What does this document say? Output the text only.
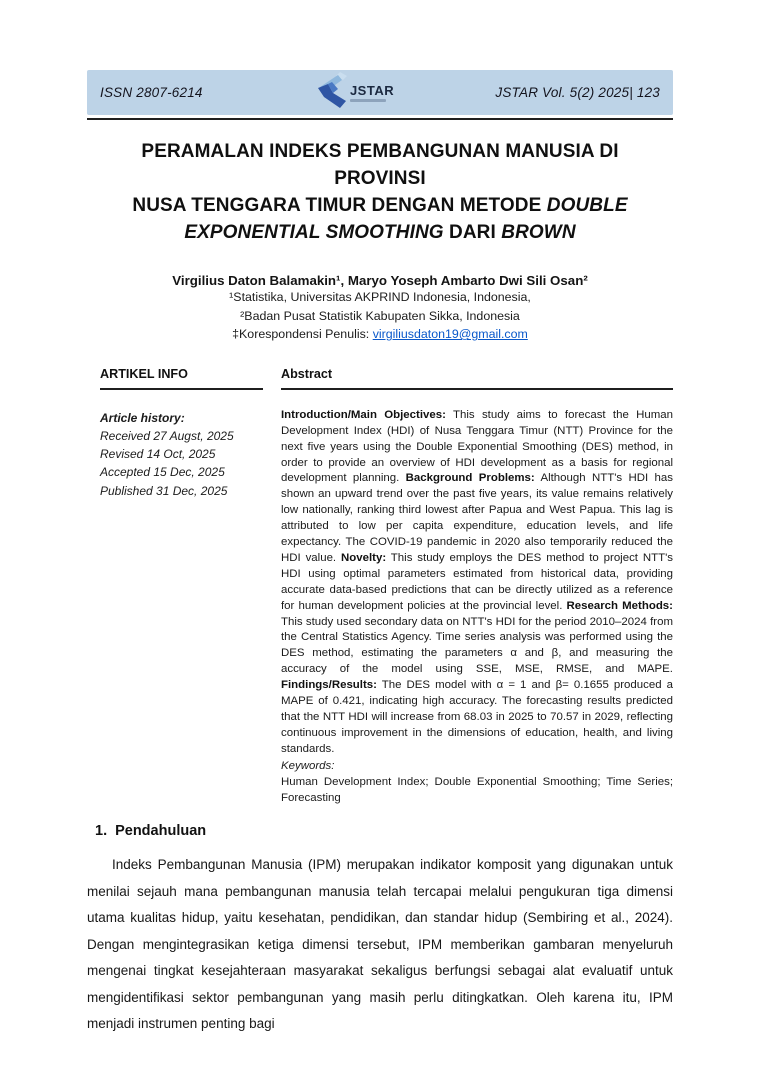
ISSN 2807-6214	JSTAR	JSTAR Vol. 5(2) 2025| 123
PERAMALAN INDEKS PEMBANGUNAN MANUSIA DI PROVINSI
NUSA TENGGARA TIMUR DENGAN METODE DOUBLE
EXPONENTIAL SMOOTHING DARI BROWN
Virgilius Daton Balamakin¹, Maryo Yoseph Ambarto Dwi Sili Osan²
¹Statistika, Universitas AKPRIND Indonesia, Indonesia,
²Badan Pusat Statistik Kabupaten Sikka, Indonesia
‡Korespondensi Penulis: virgiliusdaton19@gmail.com
ARTIKEL INFO
Article history:
Received 27 Augst, 2025
Revised 14 Oct, 2025
Accepted 15 Dec, 2025
Published 31 Dec, 2025
Abstract

Introduction/Main Objectives: This study aims to forecast the Human Development Index (HDI) of Nusa Tenggara Timur (NTT) Province for the next five years using the Double Exponential Smoothing (DES) method, in order to provide an overview of HDI development as a basis for regional development planning. Background Problems: Although NTT's HDI has shown an upward trend over the past five years, its value remains relatively low nationally, ranking third lowest after Papua and West Papua. This lag is attributed to low per capita expenditure, education levels, and life expectancy. The COVID-19 pandemic in 2020 also temporarily reduced the HDI value. Novelty: This study employs the DES method to project NTT's HDI using optimal parameters estimated from historical data, providing accurate data-based predictions that can be directly utilized as a reference for human development policies at the provincial level. Research Methods: This study used secondary data on NTT's HDI for the period 2010–2024 from the Central Statistics Agency. Time series analysis was performed using the DES method, estimating the parameters α and β, and measuring the accuracy of the model using SSE, MSE, RMSE, and MAPE. Findings/Results: The DES model with α = 1 and β= 0.1655 produced a MAPE of 0.421, indicating high accuracy. The forecasting results predicted that the NTT HDI will increase from 68.03 in 2025 to 70.57 in 2029, reflecting continuous improvement in the dimensions of education, health, and living standards.

Keywords:
Human Development Index; Double Exponential Smoothing; Time Series; Forecasting
1. Pendahuluan

Indeks Pembangunan Manusia (IPM) merupakan indikator komposit yang digunakan untuk menilai sejauh mana pembangunan manusia telah tercapai melalui pengukuran tiga dimensi utama kualitas hidup, yaitu kesehatan, pendidikan, dan standar hidup (Sembiring et al., 2024). Dengan mengintegrasikan ketiga dimensi tersebut, IPM memberikan gambaran menyeluruh mengenai tingkat kesejahteraan masyarakat sekaligus berfungsi sebagai alat evaluatif untuk mengidentifikasi sektor pembangunan yang masih perlu ditingkatkan. Oleh karena itu, IPM menjadi instrumen penting bagi
